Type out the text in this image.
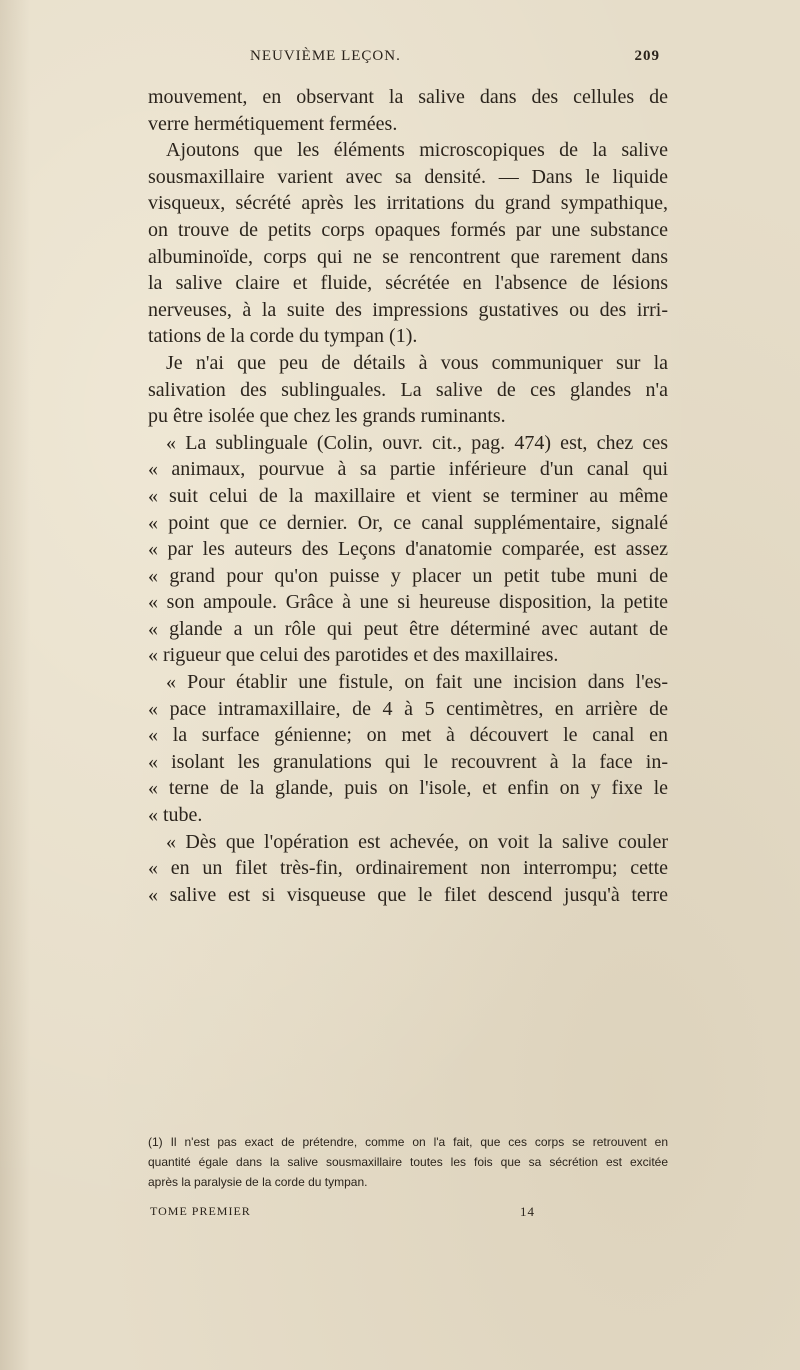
NEUVIÈME LEÇON.	209
mouvement, en observant la salive dans des cellules de
verre hermétiquement fermées.
Ajoutons que les éléments microscopiques de la salive
sousmaxillaire varient avec sa densité. — Dans le liquide
visqueux, sécrété après les irritations du grand sympathique,
on trouve de petits corps opaques formés par une substance
albuminoïde, corps qui ne se rencontrent que rarement dans
la salive claire et fluide, sécrétée en l'absence de lésions
nerveuses, à la suite des impressions gustatives ou des irri-
tations de la corde du tympan (1).
Je n'ai que peu de détails à vous communiquer sur la
salivation des sublinguales. La salive de ces glandes n'a
pu être isolée que chez les grands ruminants.
« La sublinguale (Colin, ouvr. cit., pag. 474) est, chez ces
« animaux, pourvue à sa partie inférieure d'un canal qui
« suit celui de la maxillaire et vient se terminer au même
« point que ce dernier. Or, ce canal supplémentaire, signalé
« par les auteurs des Leçons d'anatomie comparée, est assez
« grand pour qu'on puisse y placer un petit tube muni de
« son ampoule. Grâce à une si heureuse disposition, la petite
« glande a un rôle qui peut être déterminé avec autant de
« rigueur que celui des parotides et des maxillaires.
« Pour établir une fistule, on fait une incision dans l'es-
« pace intramaxillaire, de 4 à 5 centimètres, en arrière de
« la surface génienne; on met à découvert le canal en
« isolant les granulations qui le recouvrent à la face in-
« terne de la glande, puis on l'isole, et enfin on y fixe le
« tube.
« Dès que l'opération est achevée, on voit la salive couler
« en un filet très-fin, ordinairement non interrompu; cette
« salive est si visqueuse que le filet descend jusqu'à terre
(1) Il n'est pas exact de prétendre, comme on l'a fait, que ces corps se retrouvent en
quantité égale dans la salive sousmaxillaire toutes les fois que sa sécrétion est excitée
après la paralysie de la corde du tympan.
TOME PREMIER	14
